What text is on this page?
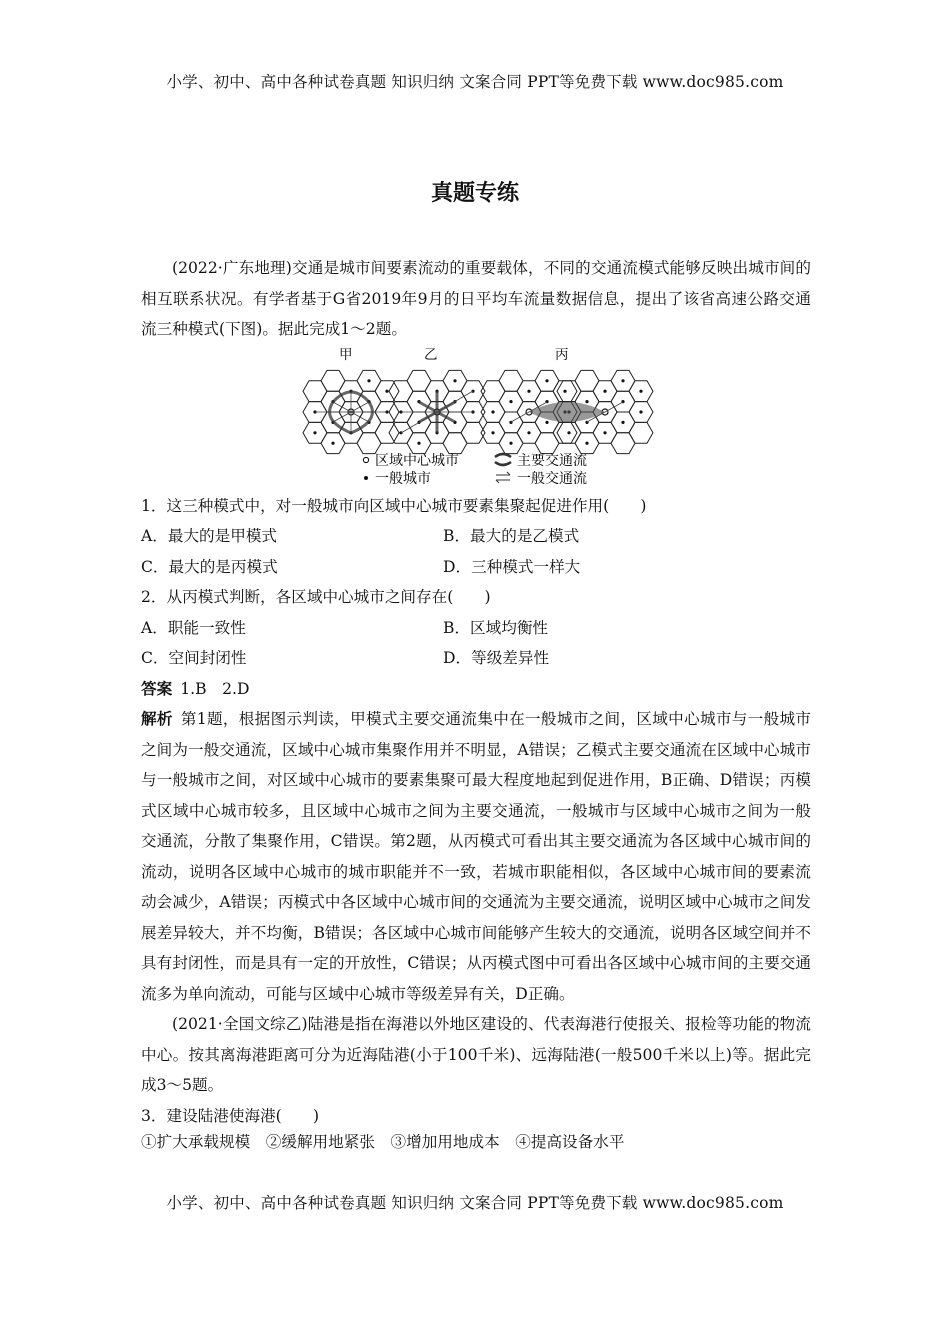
小学、初中、高中各种试卷真题 知识归纳 文案合同 PPT等免费下载 www.doc985.com
真题专练

(2022·广东地理)交通是城市间要素流动的重要载体，不同的交通流模式能够反映出城市间的相互联系状况。有学者基于G省2019年9月的日平均车流量数据信息，提出了该省高速公路交通流三种模式(下图)。据此完成1～2题。

甲	乙	丙
区域中心城市
一般城市
主要交通流
一般交通流

1．这三种模式中，对一般城市向区域中心城市要素集聚起促进作用(　　)

A．最大的是甲模式	B．最大的是乙模式
C．最大的是丙模式	D．三种模式一样大

2．从丙模式判断，各区域中心城市之间存在(　　)

A．职能一致性	B．区域均衡性
C．空间封闭性	D．等级差异性

答案 1.B　2.D

解析 第1题，根据图示判读，甲模式主要交通流集中在一般城市之间，区域中心城市与一般城市之间为一般交通流，区域中心城市集聚作用并不明显，A错误；乙模式主要交通流在区域中心城市与一般城市之间，对区域中心城市的要素集聚可最大程度地起到促进作用，B正确、D错误；丙模式区域中心城市较多，且区域中心城市之间为主要交通流，一般城市与区域中心城市之间为一般交通流，分散了集聚作用，C错误。第2题，从丙模式可看出其主要交通流为各区域中心城市间的流动，说明各区域中心城市的城市职能并不一致，若城市职能相似，各区域中心城市间的要素流动会减少，A错误；丙模式中各区域中心城市间的交通流为主要交通流，说明区域中心城市之间发展差异较大，并不均衡，B错误；各区域中心城市间能够产生较大的交通流，说明各区域空间并不具有封闭性，而是具有一定的开放性，C错误；从丙模式图中可看出各区域中心城市间的主要交通流多为单向流动，可能与区域中心城市等级差异有关，D正确。

(2021·全国文综乙)陆港是指在海港以外地区建设的、代表海港行使报关、报检等功能的物流中心。按其离海港距离可分为近海陆港(小于100千米)、远海陆港(一般500千米以上)等。据此完成3～5题。

3．建设陆港使海港(　　)

①扩大承载规模　②缓解用地紧张　③增加用地成本　④提高设备水平

小学、初中、高中各种试卷真题 知识归纳 文案合同 PPT等免费下载 www.doc985.com
